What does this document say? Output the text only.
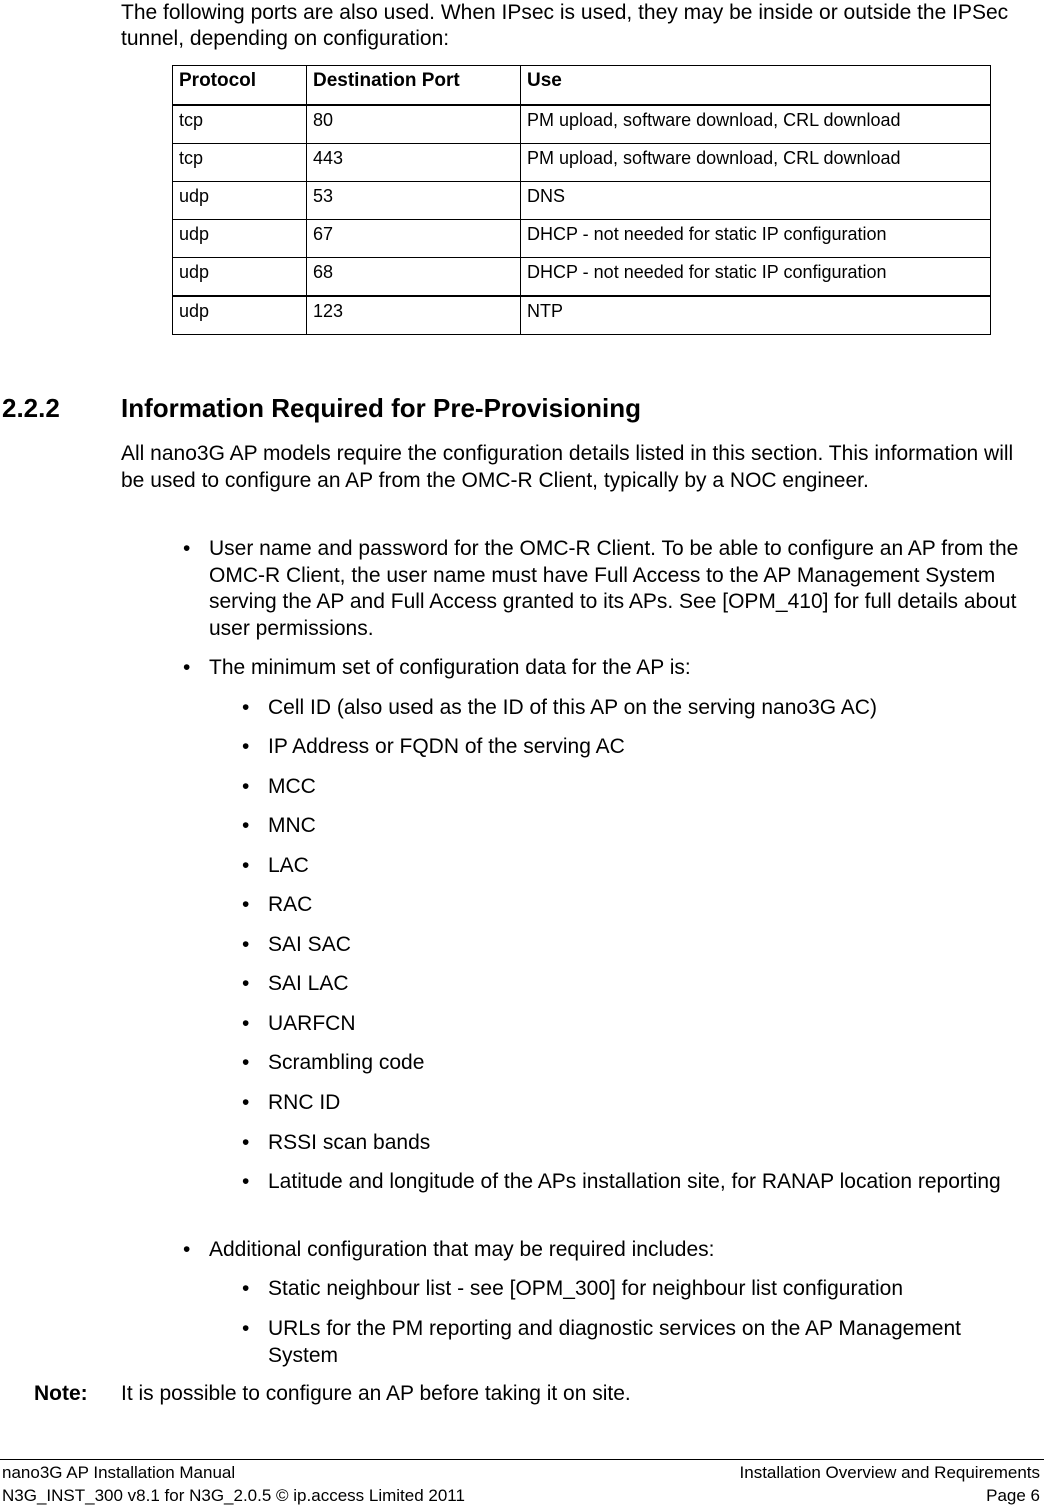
The following ports are also used. When IPsec is used, they may be inside or outside the IPSec tunnel, depending on configuration:

Protocol	Destination Port	Use
tcp	80	PM upload, software download, CRL download
tcp	443	PM upload, software download, CRL download
udp	53	DNS
udp	67	DHCP - not needed for static IP configuration
udp	68	DHCP - not needed for static IP configuration
udp	123	NTP
2.2.2 Information Required for Pre-Provisioning

All nano3G AP models require the configuration details listed in this section. This information will be used to configure an AP from the OMC-R Client, typically by a NOC engineer.

• User name and password for the OMC-R Client. To be able to configure an AP from the OMC-R Client, the user name must have Full Access to the AP Management System serving the AP and Full Access granted to its APs. See [OPM_410] for full details about user permissions.
• The minimum set of configuration data for the AP is:
• Cell ID (also used as the ID of this AP on the serving nano3G AC)
• IP Address or FQDN of the serving AC
• MCC
• MNC
• LAC
• RAC
• SAI SAC
• SAI LAC
• UARFCN
• Scrambling code
• RNC ID
• RSSI scan bands
• Latitude and longitude of the APs installation site, for RANAP location reporting
• Additional configuration that may be required includes:
• Static neighbour list - see [OPM_300] for neighbour list configuration
• URLs for the PM reporting and diagnostic services on the AP Management System
Note: It is possible to configure an AP before taking it on site.
nano3G AP Installation Manual
N3G_INST_300 v8.1 for N3G_2.0.5 © ip.access Limited 2011
Installation Overview and Requirements
Page 6
